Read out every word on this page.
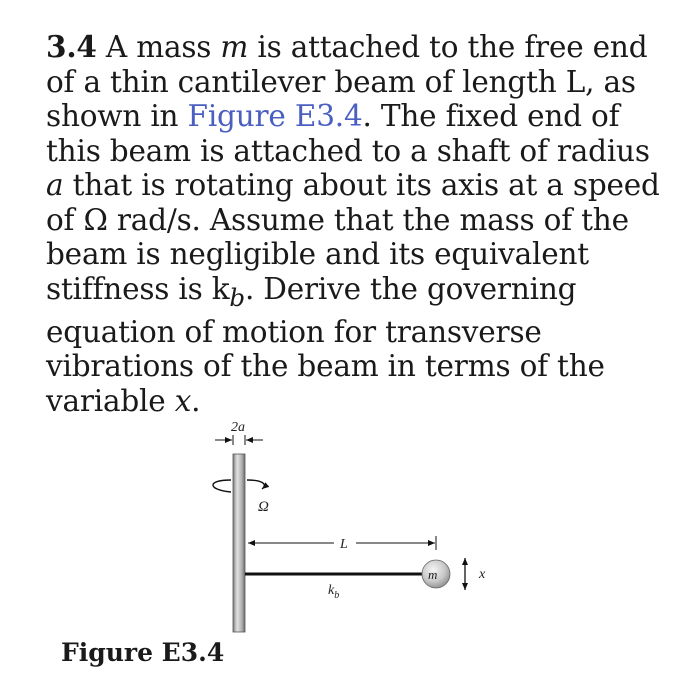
3.4 A mass m is attached to the free end of a thin cantilever beam of length L, as shown in Figure E3.4. The fixed end of this beam is attached to a shaft of radius a that is rotating about its axis at a speed of Ω rad/s. Assume that the mass of the beam is negligible and its equivalent stiffness is $k_b$. Derive the governing equation of motion for transverse vibrations of the beam in terms of the variable x.

2a
Ω
L
$k_b$
m	x
Figure E3.4
